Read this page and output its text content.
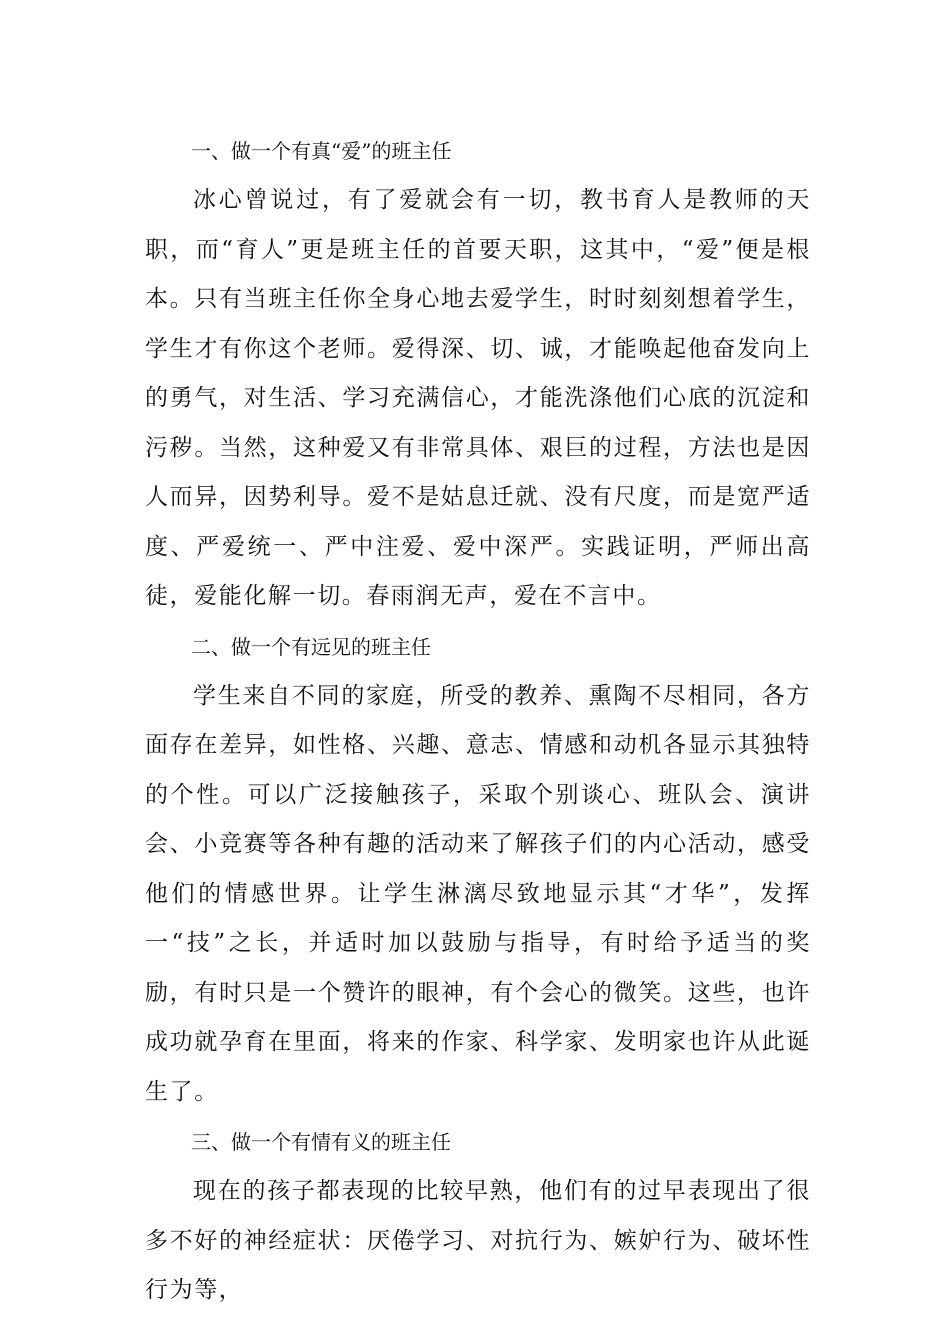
一、做一个有真“爱”的班主任

冰心曾说过，有了爱就会有一切，教书育人是教师的天职，而“育人”更是班主任的首要天职，这其中，“爱”便是根本。只有当班主任你全身心地去爱学生，时时刻刻想着学生，学生才有你这个老师。爱得深、切、诚，才能唤起他奋发向上的勇气，对生活、学习充满信心，才能洗涤他们心底的沉淀和污秽。当然，这种爱又有非常具体、艰巨的过程，方法也是因人而异，因势利导。爱不是姑息迁就、没有尺度，而是宽严适度、严爱统一、严中注爱、爱中深严。实践证明，严师出高徒，爱能化解一切。春雨润无声，爱在不言中。

二、做一个有远见的班主任

学生来自不同的家庭，所受的教养、熏陶不尽相同，各方面存在差异，如性格、兴趣、意志、情感和动机各显示其独特的个性。可以广泛接触孩子，采取个别谈心、班队会、演讲会、小竞赛等各种有趣的活动来了解孩子们的内心活动，感受他们的情感世界。让学生淋漓尽致地显示其“才华”，发挥一“技”之长，并适时加以鼓励与指导，有时给予适当的奖励，有时只是一个赞许的眼神，有个会心的微笑。这些，也许成功就孕育在里面，将来的作家、科学家、发明家也许从此诞生了。

三、做一个有情有义的班主任

现在的孩子都表现的比较早熟，他们有的过早表现出了很多不好的神经症状：厌倦学习、对抗行为、嫉妒行为、破坏性行为等，
